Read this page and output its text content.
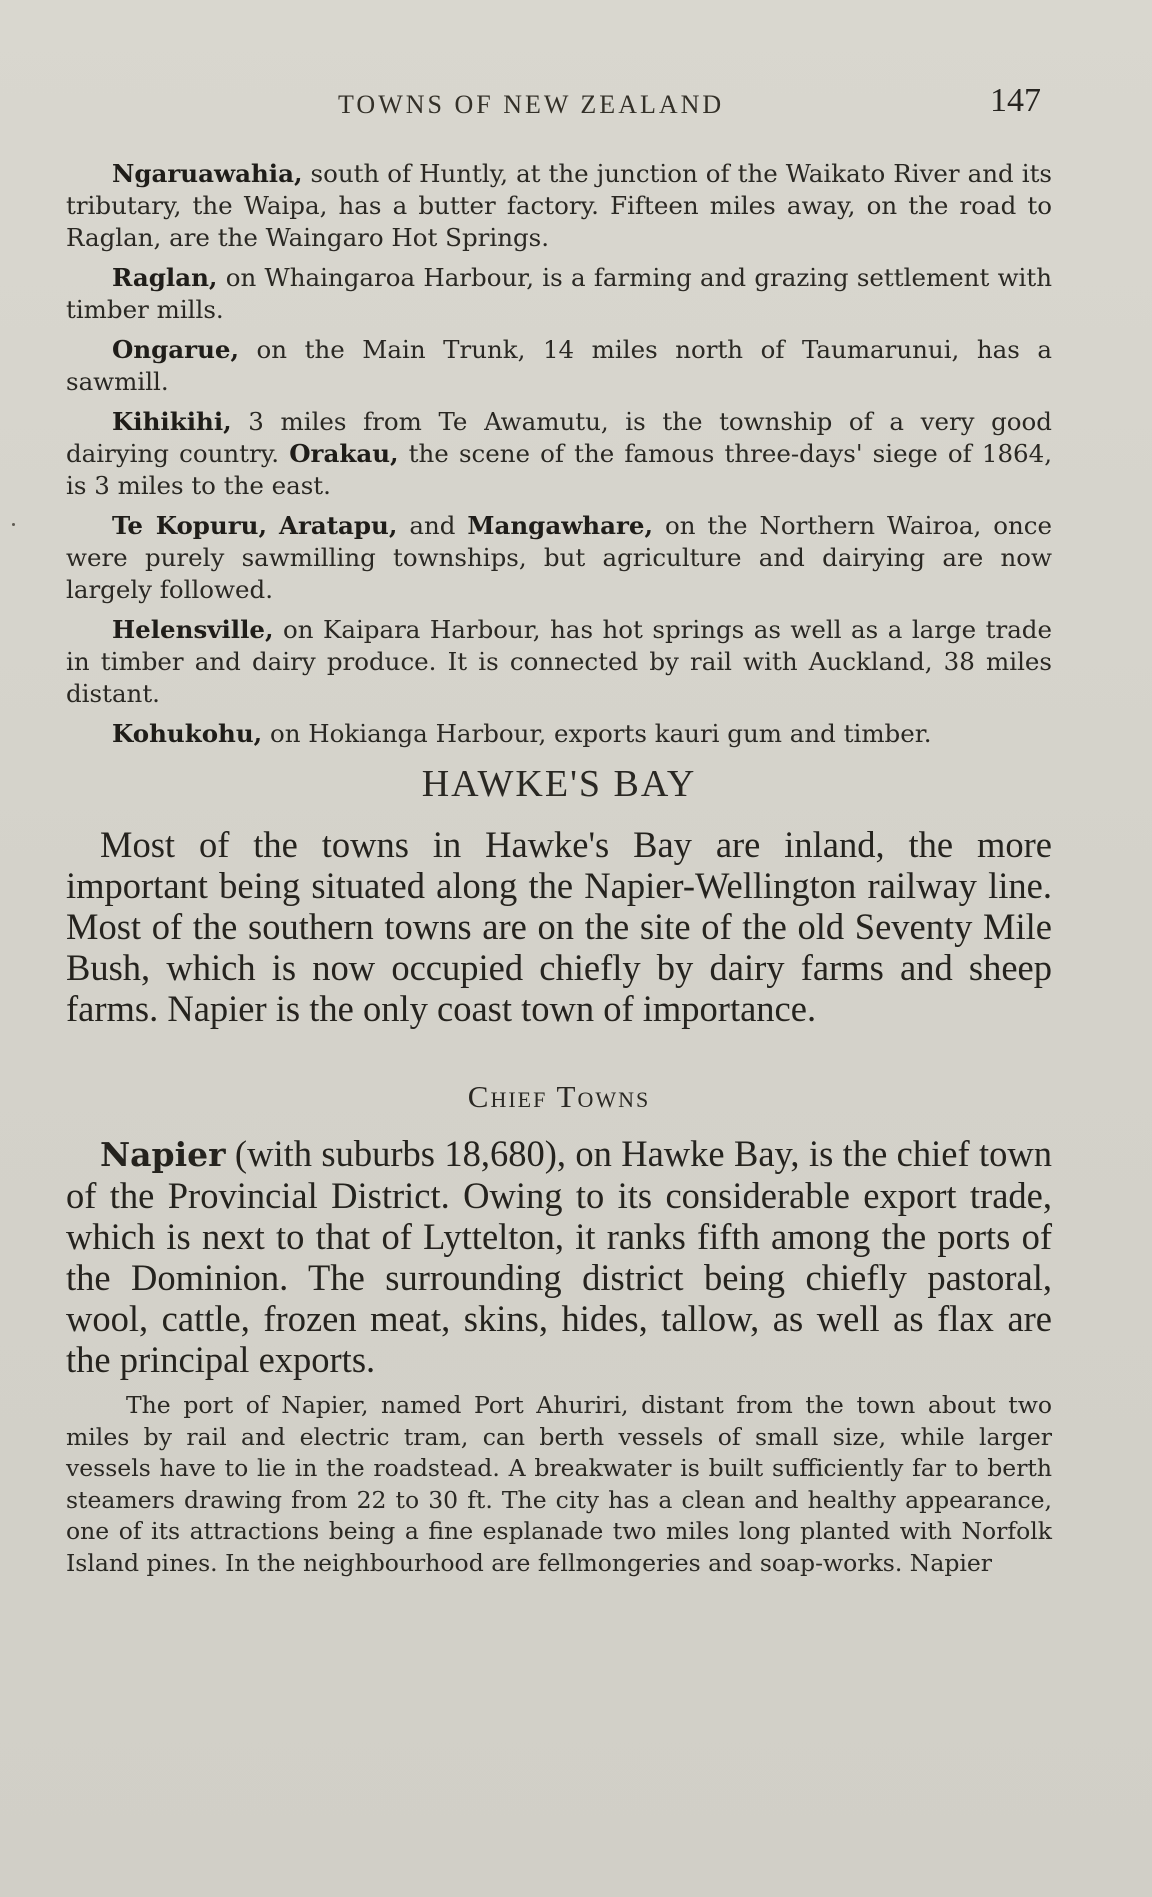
TOWNS OF NEW ZEALAND	147

Ngaruawahia, south of Huntly, at the junction of the Waikato River and its tributary, the Waipa, has a butter factory. Fifteen miles away, on the road to Raglan, are the Waingaro Hot Springs.

Raglan, on Whaingaroa Harbour, is a farming and grazing settlement with timber mills.

Ongarue, on the Main Trunk, 14 miles north of Taumarunui, has a sawmill.

Kihikihi, 3 miles from Te Awamutu, is the township of a very good dairying country. Orakau, the scene of the famous three-days' siege of 1864, is 3 miles to the east.

Te Kopuru, Aratapu, and Mangawhare, on the Northern Wairoa, once were purely sawmilling townships, but agriculture and dairying are now largely followed.

Helensville, on Kaipara Harbour, has hot springs as well as a large trade in timber and dairy produce. It is connected by rail with Auckland, 38 miles distant.

Kohukohu, on Hokianga Harbour, exports kauri gum and timber.

HAWKE'S BAY

Most of the towns in Hawke's Bay are inland, the more important being situated along the Napier-Wellington railway line. Most of the southern towns are on the site of the old Seventy Mile Bush, which is now occupied chiefly by dairy farms and sheep farms. Napier is the only coast town of importance.

Chief Towns

Napier (with suburbs 18,680), on Hawke Bay, is the chief town of the Provincial District. Owing to its considerable export trade, which is next to that of Lyttelton, it ranks fifth among the ports of the Dominion. The surrounding district being chiefly pastoral, wool, cattle, frozen meat, skins, hides, tallow, as well as flax are the principal exports.

The port of Napier, named Port Ahuriri, distant from the town about two miles by rail and electric tram, can berth vessels of small size, while larger vessels have to lie in the roadstead. A breakwater is built sufficiently far to berth steamers drawing from 22 to 30 ft. The city has a clean and healthy appearance, one of its attractions being a fine esplanade two miles long planted with Norfolk Island pines. In the neighbourhood are fellmongeries and soap-works. Napier
